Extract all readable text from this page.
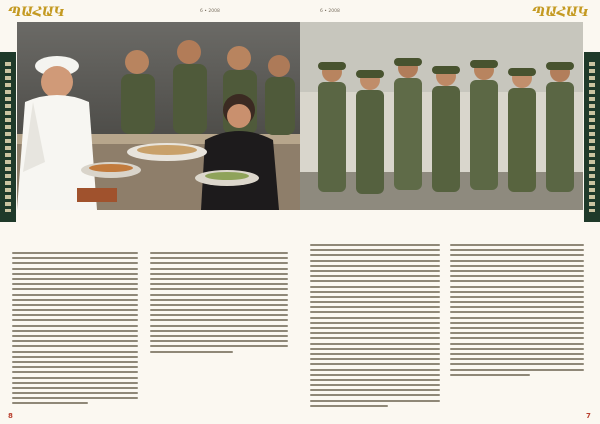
ՊԱՀԱԿ	6 • 2008
8
6 • 2008	ՊԱՀԱԿ
7
